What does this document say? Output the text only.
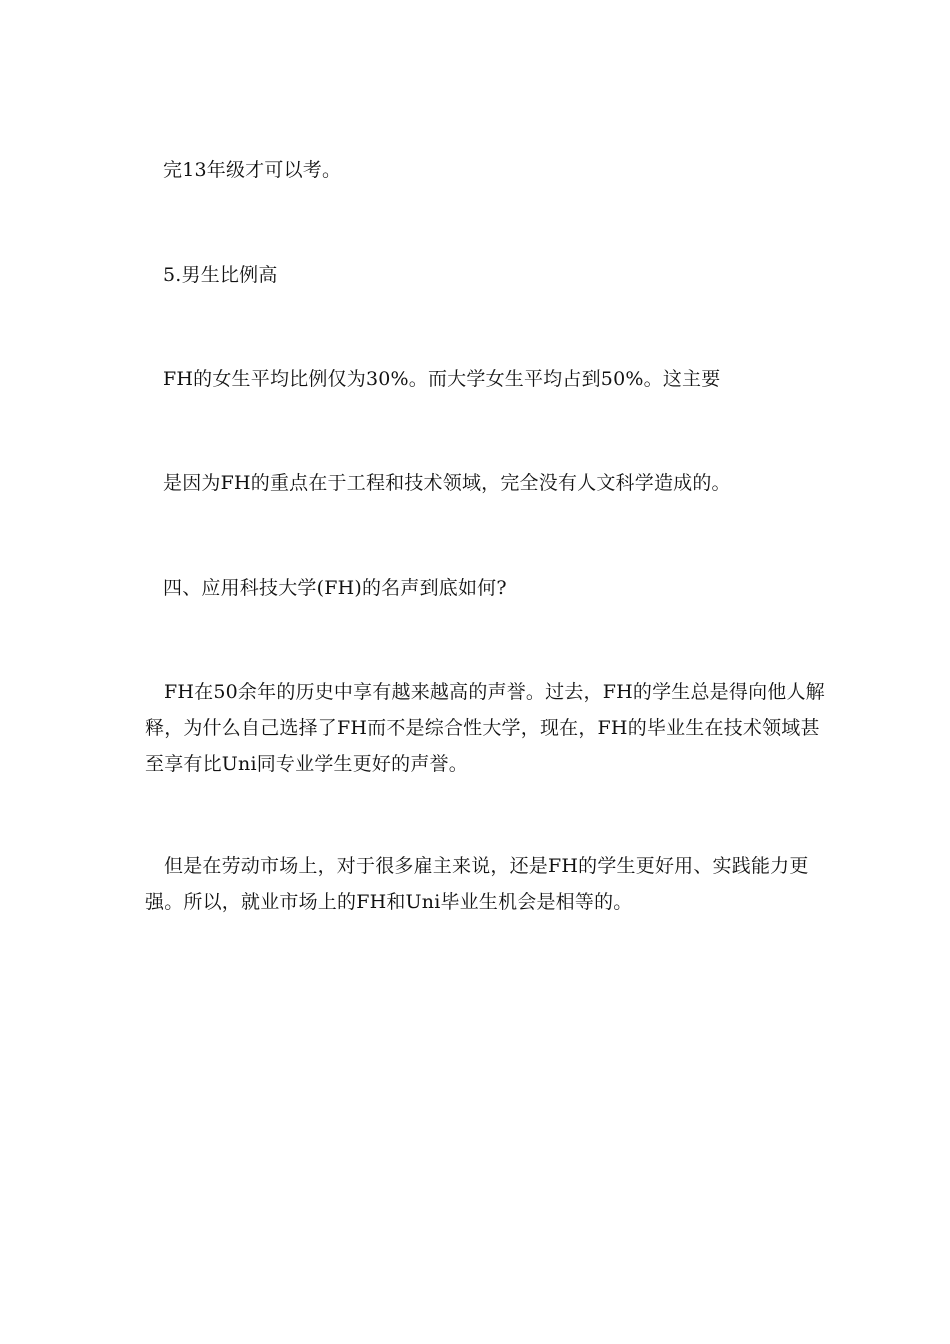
完13年级才可以考。
5.男生比例高
FH的女生平均比例仅为30%。而大学女生平均占到50%。这主要
是因为FH的重点在于工程和技术领域，完全没有人文科学造成的。
四、应用科技大学(FH)的名声到底如何?
FH在50余年的历史中享有越来越高的声誉。过去，FH的学生总是得向他人解释，为什么自己选择了FH而不是综合性大学，现在，FH的毕业生在技术领域甚至享有比Uni同专业学生更好的声誉。
但是在劳动市场上，对于很多雇主来说，还是FH的学生更好用、实践能力更强。所以，就业市场上的FH和Uni毕业生机会是相等的。
